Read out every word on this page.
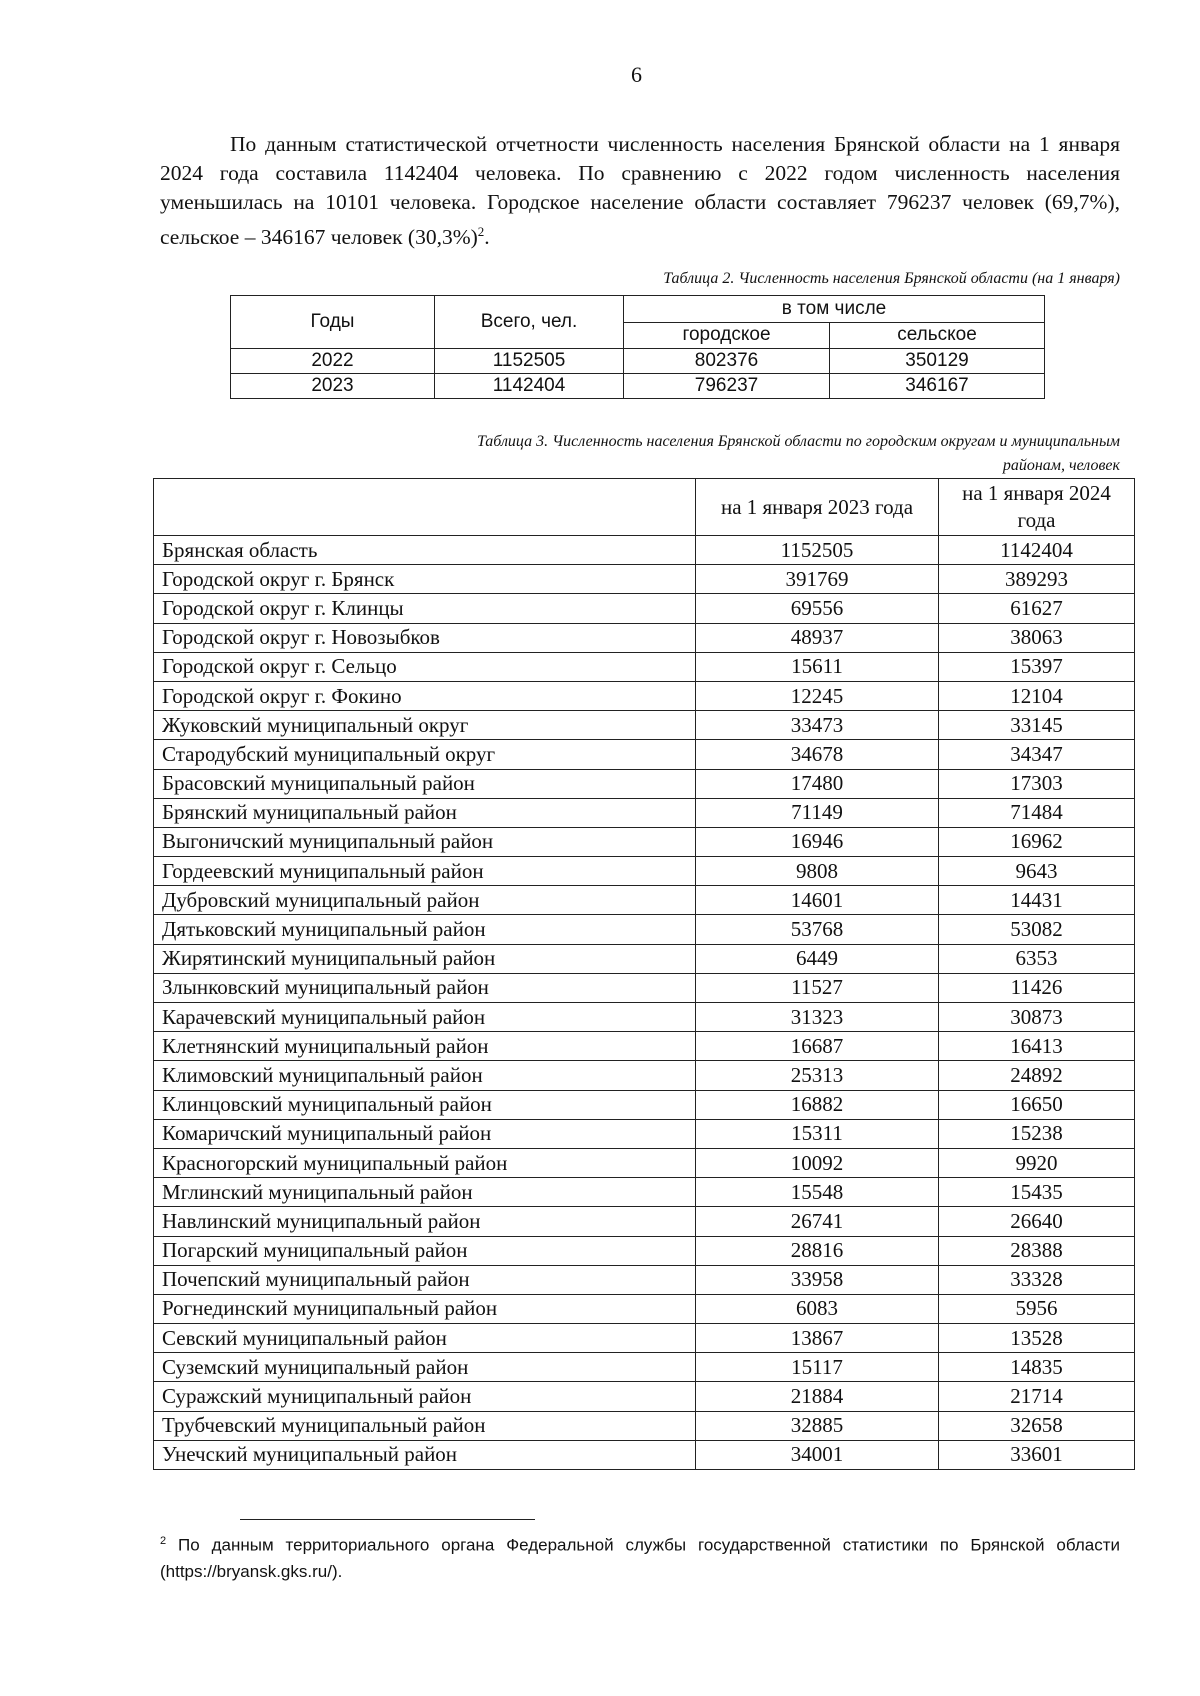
6

По данным статистической отчетности численность населения Брянской области на 1 января 2024 года составила 1142404 человека. По сравнению с 2022 годом численность населения уменьшилась на 10101 человека. Городское население области составляет 796237 человек (69,7%), сельское – 346167 человек $(30,3\%)^2$.

Таблица 2. Численность населения Брянской области (на 1 января)
Годы	Всего, чел.	в том числе	
		городское	сельское
2022	1152505	802376	350129
2023	1142404	796237	346167
Таблица 3. Численность населения Брянской области по городским округам и муниципальным
районам, человек
	на 1 января 2023 года	на 1 января 2024 года
Брянская область	1152505	1142404
Городской округ г. Брянск	391769	389293
Городской округ г. Клинцы	69556	61627
Городской округ г. Новозыбков	48937	38063
Городской округ г. Сельцо	15611	15397
Городской округ г. Фокино	12245	12104
Жуковский муниципальный округ	33473	33145
Стародубский муниципальный округ	34678	34347
Брасовский муниципальный район	17480	17303
Брянский муниципальный район	71149	71484
Выгоничский муниципальный район	16946	16962
Гордеевский муниципальный район	9808	9643
Дубровский муниципальный район	14601	14431
Дятьковский муниципальный район	53768	53082
Жирятинский муниципальный район	6449	6353
Злынковский муниципальный район	11527	11426
Карачевский муниципальный район	31323	30873
Клетнянский муниципальный район	16687	16413
Климовский муниципальный район	25313	24892
Клинцовский муниципальный район	16882	16650
Комаричский муниципальный район	15311	15238
Красногорский муниципальный район	10092	9920
Мглинский муниципальный район	15548	15435
Навлинский муниципальный район	26741	26640
Погарский муниципальный район	28816	28388
Почепский муниципальный район	33958	33328
Рогнединский муниципальный район	6083	5956
Севский муниципальный район	13867	13528
Суземский муниципальный район	15117	14835
Суражский муниципальный район	21884	21714
Трубчевский муниципальный район	32885	32658
Унечский муниципальный район	34001	33601

$^2$ По данным территориального органа Федеральной службы государственной статистики по Брянской области (https://bryansk.gks.ru/).
